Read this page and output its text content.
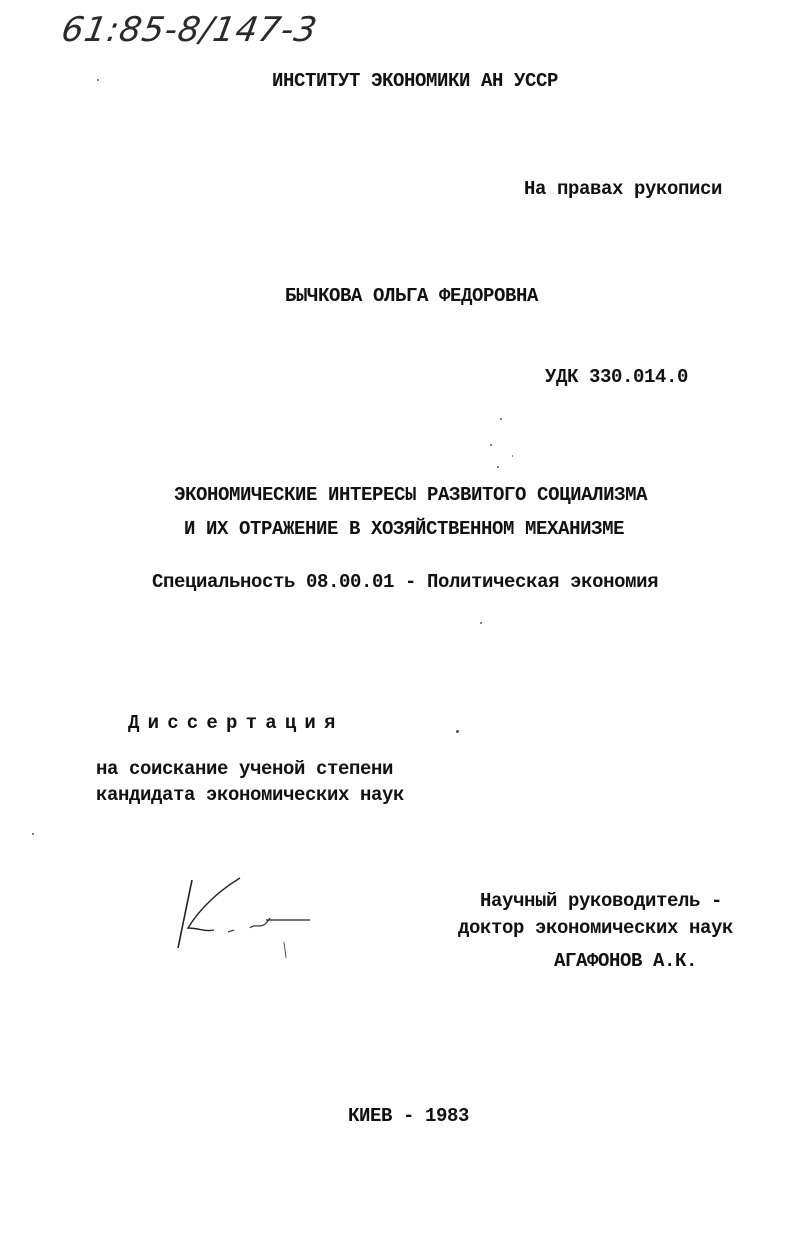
61:85-8/147-3
ИНСТИТУТ ЭКОНОМИКИ АН УССР
На правах рукописи
БЫЧКОВА ОЛЬГА ФЕДОРОВНА
УДК 330.014.0
ЭКОНОМИЧЕСКИЕ ИНТЕРЕСЫ РАЗВИТОГО СОЦИАЛИЗМА
И ИХ ОТРАЖЕНИЕ В ХОЗЯЙСТВЕННОМ МЕХАНИЗМЕ
Специальность 08.00.01 - Политическая экономия
Диссертация
на соискание ученой степени
кандидата экономических наук
Научный руководитель -
доктор экономических наук
АГАФОНОВ А.К.
КИЕВ - 1983
